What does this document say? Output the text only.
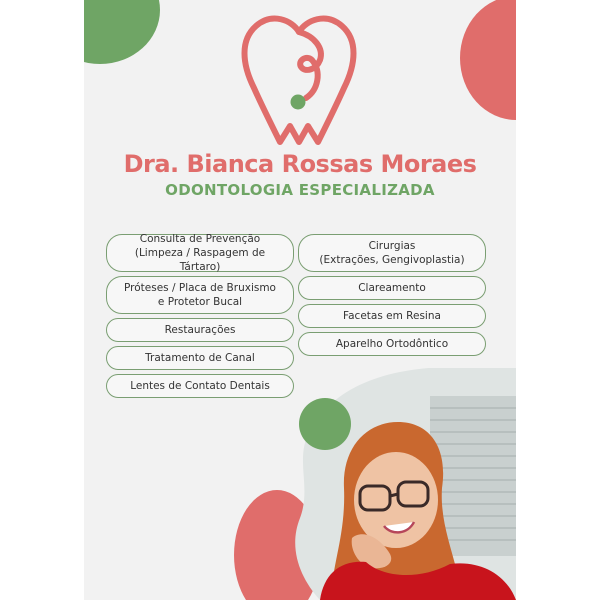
Dra. Bianca Rossas Moraes
ODONTOLOGIA ESPECIALIZADA
Consulta de Prevenção
(Limpeza / Raspagem de Tártaro)
Próteses / Placa de Bruxismo
e Protetor Bucal
Restaurações
Tratamento de Canal
Lentes de Contato Dentais
Cirurgias
(Extrações, Gengivoplastia)
Clareamento
Facetas em Resina
Aparelho Ortodôntico
